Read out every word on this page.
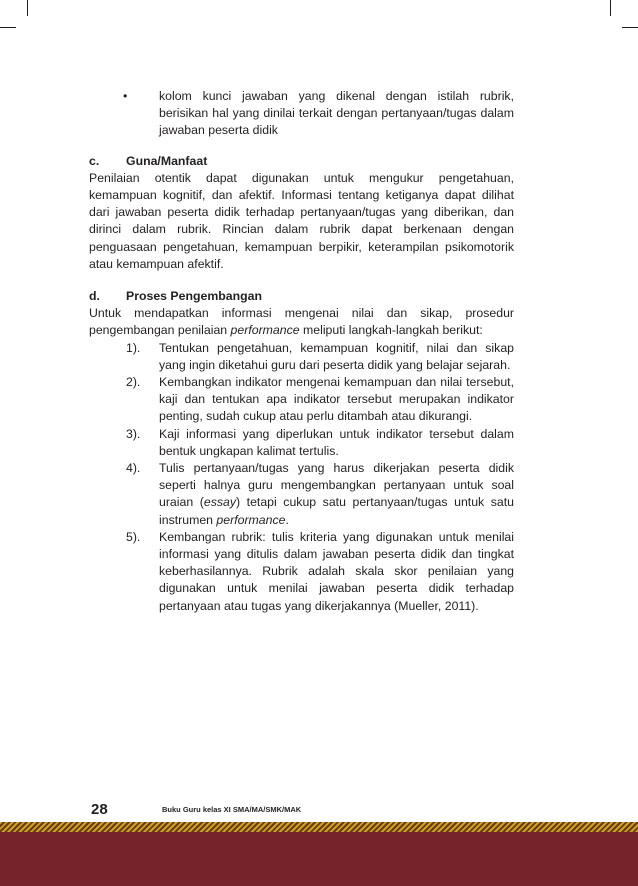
•	kolom kunci jawaban yang dikenal dengan istilah rubrik, berisikan hal yang dinilai terkait dengan pertanyaan/tugas dalam jawaban peserta didik

c. Guna/Manfaat

Penilaian otentik dapat digunakan untuk mengukur pengetahuan, kemampuan kognitif, dan afektif. Informasi tentang ketiganya dapat dilihat dari jawaban peserta didik terhadap pertanyaan/tugas yang diberikan, dan dirinci dalam rubrik. Rincian dalam rubrik dapat berkenaan dengan penguasaan pengetahuan, kemampuan berpikir, keterampilan psikomotorik atau kemampuan afektif.

d. Proses Pengembangan

Untuk mendapatkan informasi mengenai nilai dan sikap, prosedur pengembangan penilaian performance meliputi langkah-langkah berikut:

1). Tentukan pengetahuan, kemampuan kognitif, nilai dan sikap yang ingin diketahui guru dari peserta didik yang belajar sejarah.
2). Kembangkan indikator mengenai kemampuan dan nilai tersebut, kaji dan tentukan apa indikator tersebut merupakan indikator penting, sudah cukup atau perlu ditambah atau dikurangi.
3). Kaji informasi yang diperlukan untuk indikator tersebut dalam bentuk ungkapan kalimat tertulis.
4). Tulis pertanyaan/tugas yang harus dikerjakan peserta didik seperti halnya guru mengembangkan pertanyaan untuk soal uraian (essay) tetapi cukup satu pertanyaan/tugas untuk satu instrumen performance.
5). Kembangan rubrik: tulis kriteria yang digunakan untuk menilai informasi yang ditulis dalam jawaban peserta didik dan tingkat keberhasilannya. Rubrik adalah skala skor penilaian yang digunakan untuk menilai jawaban peserta didik terhadap pertanyaan atau tugas yang dikerjakannya (Mueller, 2011).
28	Buku Guru kelas XI SMA/MA/SMK/MAK
